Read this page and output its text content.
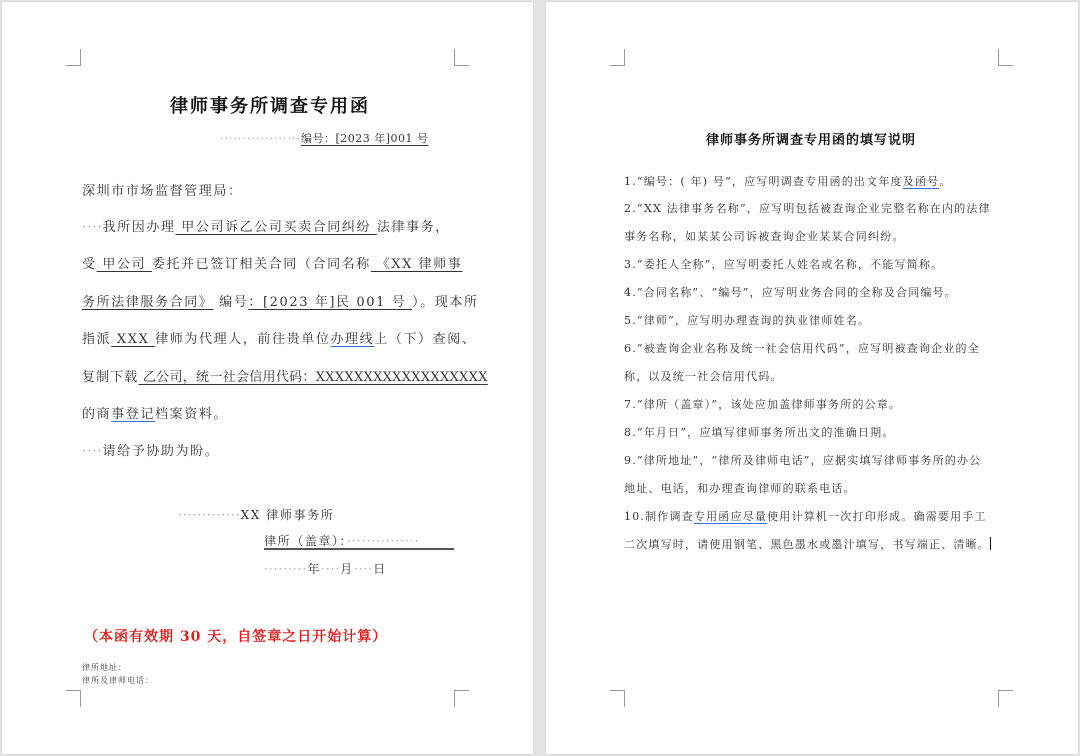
律师事务所调查专用函
··················编号：[2023 年]001 号
深圳市市场监督管理局：
····我所因办理 甲公司诉乙公司买卖合同纠纷 法律事务，
受 甲公司 委托并已签订相关合同（合同名称 《XX 律师事
务所法律服务合同》 编号：[2023 年]民 001 号 ）。现本所
指派 XXX 律师为代理人，前往贵单位办理线上（下）查阅、
复制下载 乙公司，统一社会信用代码：XXXXXXXXXXXXXXXXXX
的商事登记档案资料。
····请给予协助为盼。
·············XX 律师事务所
律所（盖章）：···············
·········年····月····日
（本函有效期 30 天，自签章之日开始计算）
律所地址：
律所及律师电话：
律师事务所调查专用函的填写说明
1.“编号：( 年) 号”，应写明调查专用函的出文年度及函号。
2.“XX 法律事务名称”，应写明包括被查询企业完整名称在内的法律
事务名称，如某某公司诉被查询企业某某合同纠纷。
3.“委托人全称”，应写明委托人姓名或名称，不能写简称。
4.“合同名称”、“编号”，应写明业务合同的全称及合同编号。
5.“律师”，应写明办理查询的执业律师姓名。
6.“被查询企业名称及统一社会信用代码”，应写明被查询企业的全
称，以及统一社会信用代码。
7.“律所（盖章）”，该处应加盖律师事务所的公章。
8.“年月日”，应填写律师事务所出文的准确日期。
9.“律所地址”，“律所及律师电话”，应据实填写律师事务所的办公
地址、电话，和办理查询律师的联系电话。
10.制作调查专用函应尽量使用计算机一次打印形成。确需要用手工
二次填写时，请使用钢笔、黑色墨水或墨汁填写，书写端正、清晰。
